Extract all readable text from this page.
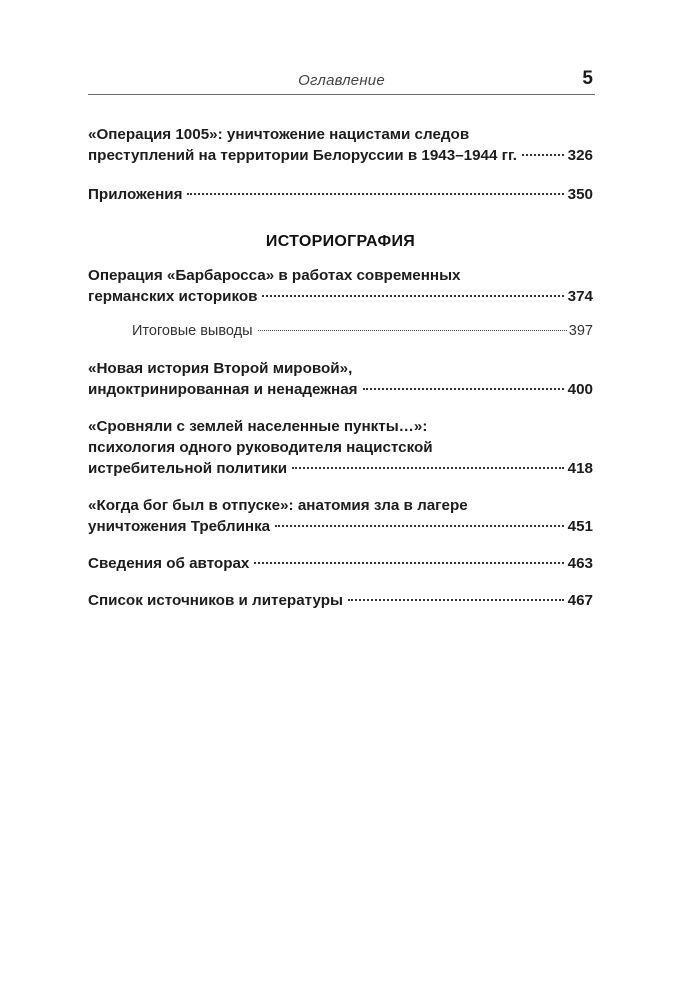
Оглавление	5
«Операция 1005»: уничтожение нацистами следов
преступлений на территории Белоруссии в 1943–1944 гг.	326
Приложения	350
ИСТОРИОГРАФИЯ
Операция «Барбаросса» в работах современных
германских историков	374
Итоговые выводы	397
«Новая история Второй мировой»,
индоктринированная и ненадежная	400
«Сровняли с землей населенные пункты…»:
психология одного руководителя нацистской
истребительной политики	418
«Когда бог был в отпуске»: анатомия зла в лагере
уничтожения Треблинка	451
Сведения об авторах	463
Список источников и литературы	467
